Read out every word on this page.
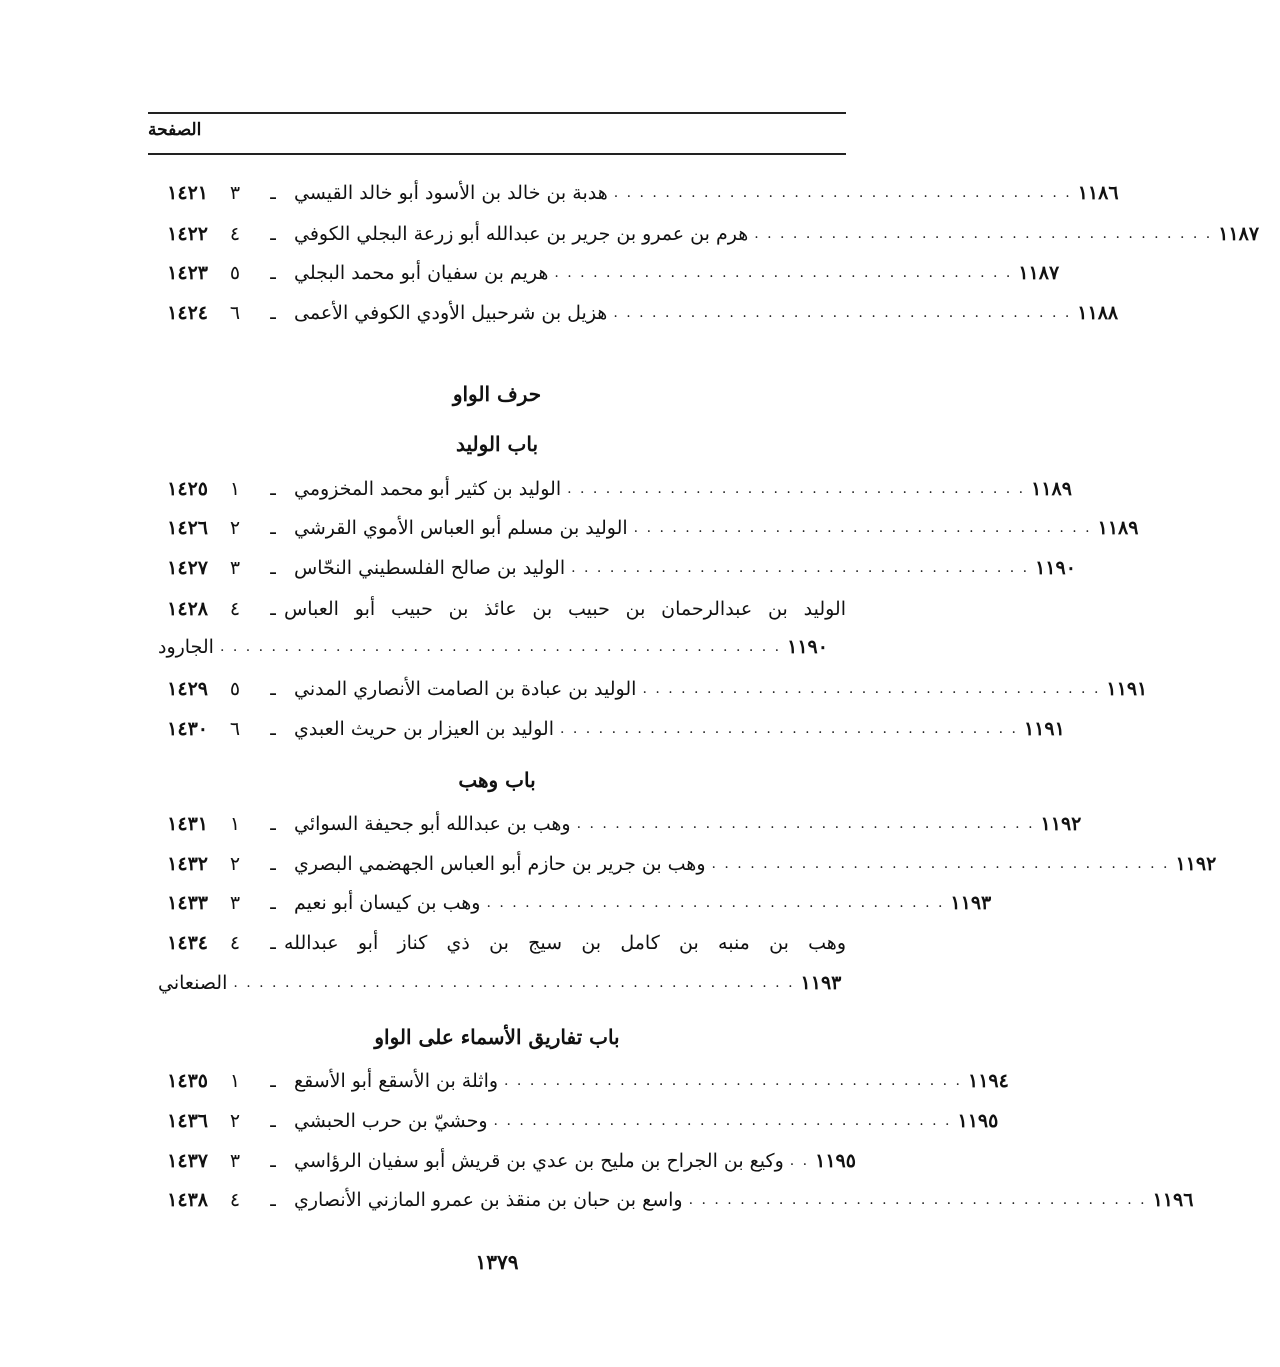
الصفحة
١٤٢١	٣	ـ هدبة بن خالد بن الأسود أبو خالد القيسي . . . . . . . . . . . . . . . . . . . . . . . . . . . . . . . . . . . . ١١٨٦
١٤٢٢	٤	ـ هرم بن عمرو بن جرير بن عبدالله أبو زرعة البجلي الكوفي . . . . . . . . . . . . . . . . . . . . . . . . . . . . . . . . . . . . ١١٨٧
١٤٢٣	٥	ـ هريم بن سفيان أبو محمد البجلي . . . . . . . . . . . . . . . . . . . . . . . . . . . . . . . . . . . . ١١٨٧
١٤٢٤	٦	ـ هزيل بن شرحبيل الأودي الكوفي الأعمى . . . . . . . . . . . . . . . . . . . . . . . . . . . . . . . . . . . . ١١٨٨
حرف الواو
باب الوليد
١٤٢٥	١	ـ الوليد بن كثير أبو محمد المخزومي . . . . . . . . . . . . . . . . . . . . . . . . . . . . . . . . . . . . ١١٨٩
١٤٢٦	٢	ـ الوليد بن مسلم أبو العباس الأموي القرشي . . . . . . . . . . . . . . . . . . . . . . . . . . . . . . . . . . . . ١١٨٩
١٤٢٧	٣	ـ الوليد بن صالح الفلسطيني النحّاس . . . . . . . . . . . . . . . . . . . . . . . . . . . . . . . . . . . . ١١٩٠
١٤٢٨	٤	ـ الوليد بن عبدالرحمان بن حبيب بن عائذ بن حبيب أبو العباس
الجارود . . . . . . . . . . . . . . . . . . . . . . . . . . . . . . . . . . . . . . . . . . . . ١١٩٠
١٤٢٩	٥	ـ الوليد بن عبادة بن الصامت الأنصاري المدني . . . . . . . . . . . . . . . . . . . . . . . . . . . . . . . . . . . . ١١٩١
١٤٣٠	٦	ـ الوليد بن العيزار بن حريث العبدي . . . . . . . . . . . . . . . . . . . . . . . . . . . . . . . . . . . . ١١٩١
باب وهب
١٤٣١	١	ـ وهب بن عبدالله أبو جحيفة السوائي . . . . . . . . . . . . . . . . . . . . . . . . . . . . . . . . . . . . ١١٩٢
١٤٣٢	٢	ـ وهب بن جرير بن حازم أبو العباس الجهضمي البصري . . . . . . . . . . . . . . . . . . . . . . . . . . . . . . . . . . . . ١١٩٢
١٤٣٣	٣	ـ وهب بن كيسان أبو نعيم . . . . . . . . . . . . . . . . . . . . . . . . . . . . . . . . . . . . ١١٩٣
١٤٣٤	٤	ـ وهب بن منبه بن كامل بن سيج بن ذي كناز أبو عبدالله
الصنعاني . . . . . . . . . . . . . . . . . . . . . . . . . . . . . . . . . . . . . . . . . . . . ١١٩٣
باب تفاريق الأسماء على الواو
١٤٣٥	١	ـ واثلة بن الأسقع أبو الأسقع . . . . . . . . . . . . . . . . . . . . . . . . . . . . . . . . . . . . ١١٩٤
١٤٣٦	٢	ـ وحشيّ بن حرب الحبشي . . . . . . . . . . . . . . . . . . . . . . . . . . . . . . . . . . . . ١١٩٥
١٤٣٧	٣	ـ وكيع بن الجراح بن مليح بن عدي بن قريش أبو سفيان الرؤاسي . . ١١٩٥
١٤٣٨	٤	ـ واسع بن حبان بن منقذ بن عمرو المازني الأنصاري . . . . . . . . . . . . . . . . . . . . . . . . . . . . . . . . . . . . ١١٩٦
١٣٧٩
